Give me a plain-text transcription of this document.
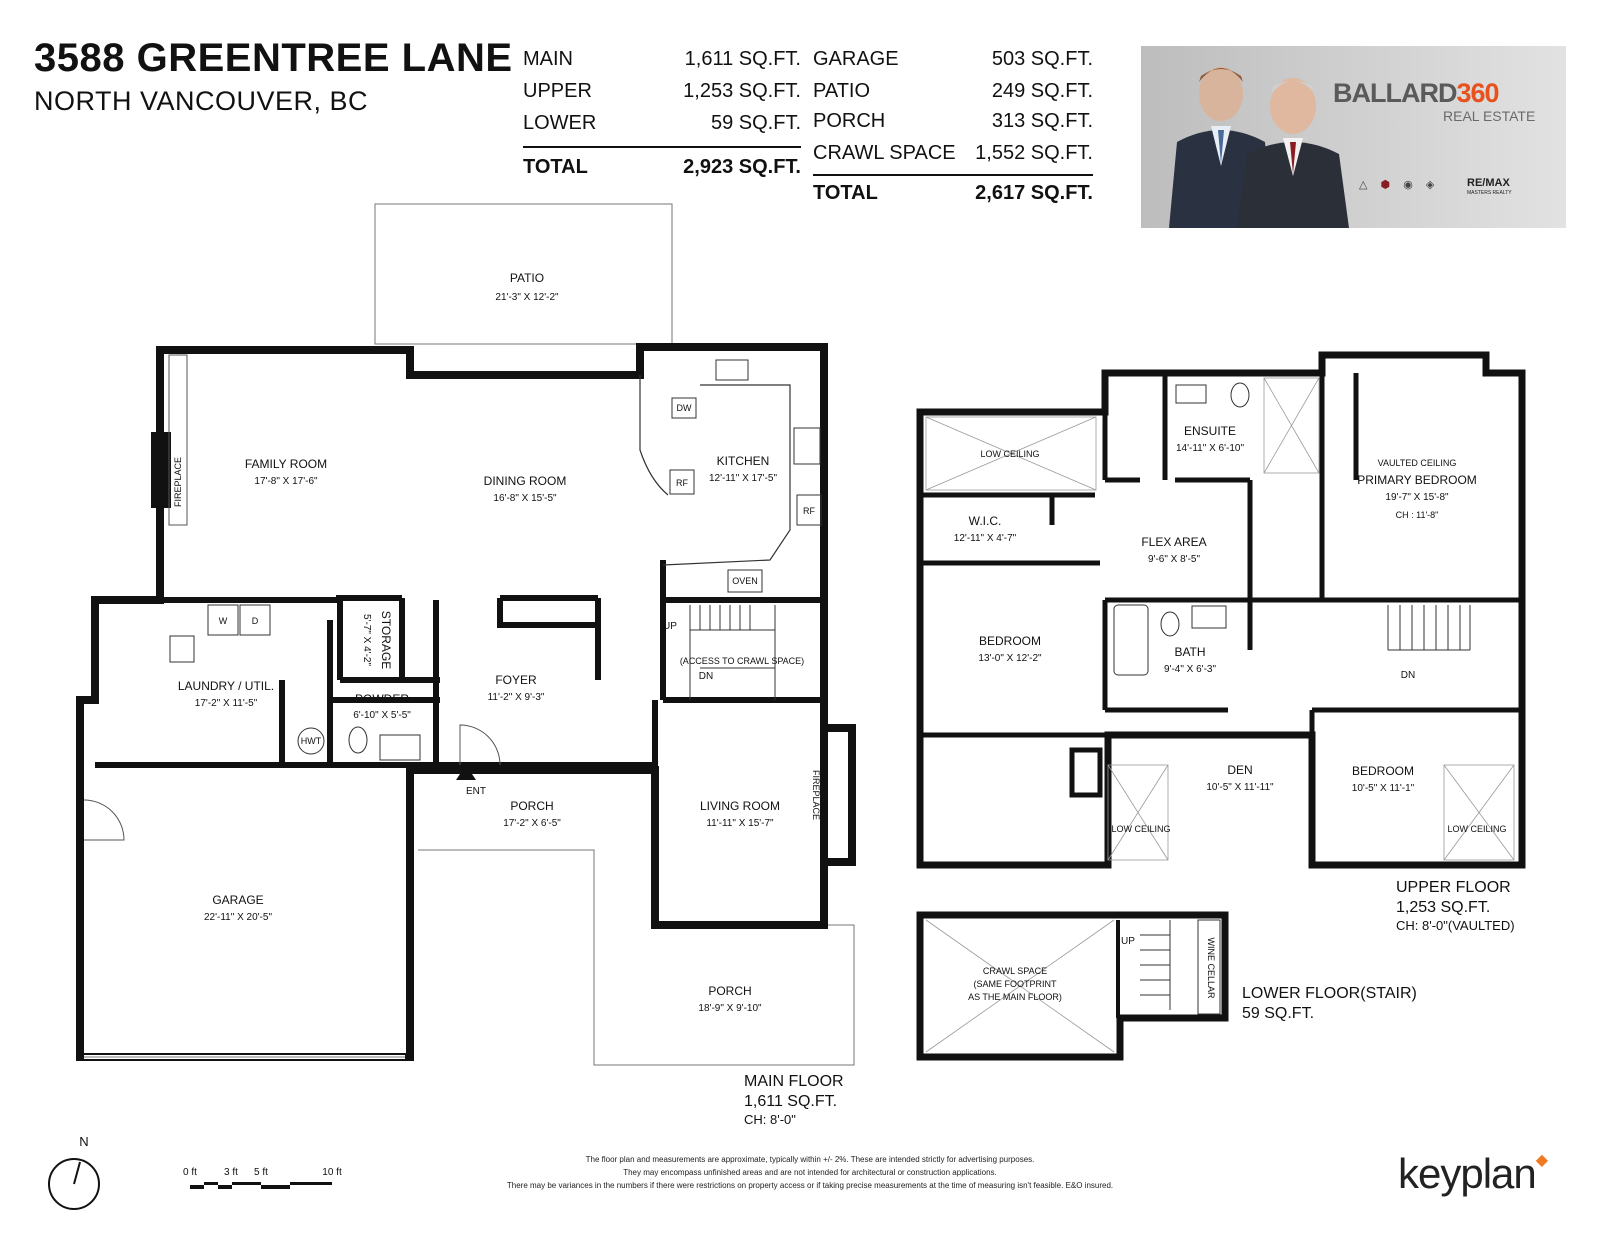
3588 GREENTREE LANE
NORTH VANCOUVER, BC
MAIN	1,611 SQ.FT.
UPPER	1,253 SQ.FT.
LOWER	59 SQ.FT.
TOTAL	2,923 SQ.FT.
GARAGE	503 SQ.FT.
PATIO	249 SQ.FT.
PORCH	313 SQ.FT.
CRAWL SPACE 1,552 SQ.FT.
TOTAL	2,617 SQ.FT.
BALLARD360
REAL ESTATE
△ ⬢ ◉ ◈	RE/MAX
MASTERS REALTY
PATIO
21'-3" X 12'-2"
FAMILY ROOM
17'-8" X 17'-6"	DINING ROOM
16'-8" X 15'-5"
KITCHEN
12'-11" X 17'-5"
LAUNDRY / UTIL.
17'-2" X 11'-5"
STORAGE
5'-7" X 4'-2"
POWDER
6'-10" X 5'-5"
FOYER
11'-2" X 9'-3"
PORCH
17'-2" X 6'-5"
LIVING ROOM
11'-11" X 15'-7"
GARAGE
22'-11" X 20'-5"
PORCH
18'-9" X 9'-10"
FIREPLACE
FIREPLACE
DW
RF
RF
OVEN
W	D
HWT
UP
DN
(ACCESS TO CRAWL SPACE)
ENT
MAIN FLOOR
1,611 SQ.FT.
CH: 8'-0"
LOW CEILING
ENSUITE
14'-11" X 6'-10"
VAULTED CEILING
PRIMARY BEDROOM
19'-7" X 15'-8"
CH : 11'-8"
W.I.C.
12'-11" X 4'-7"	FLEX AREA
9'-6" X 8'-5"
BEDROOM
13'-0" X 12'-2"	BATH
9'-4" X 6'-3"
DEN
10'-5" X 11'-11"
BEDROOM
10'-5" X 11'-1"
LOW CEILING	LOW CEILING
DN
UPPER FLOOR
1,253 SQ.FT.
CH: 8'-0"(VAULTED)
CRAWL SPACE
(SAME FOOTPRINT
AS THE MAIN FLOOR)	WINE CELLAR
UP
LOWER FLOOR(STAIR)
59 SQ.FT.
N
0 ft	3 ft 5 ft	10 ft
The floor plan and measurements are approximate, typically within +/- 2%. These are intended strictly for advertising purposes.
They may encompass unfinished areas and are not intended for architectural or construction applications.
There may be variances in the numbers if there were restrictions on property access or if taking precise measurements at the time of measuring isn't feasible. E&O insured.	keyplan◆
